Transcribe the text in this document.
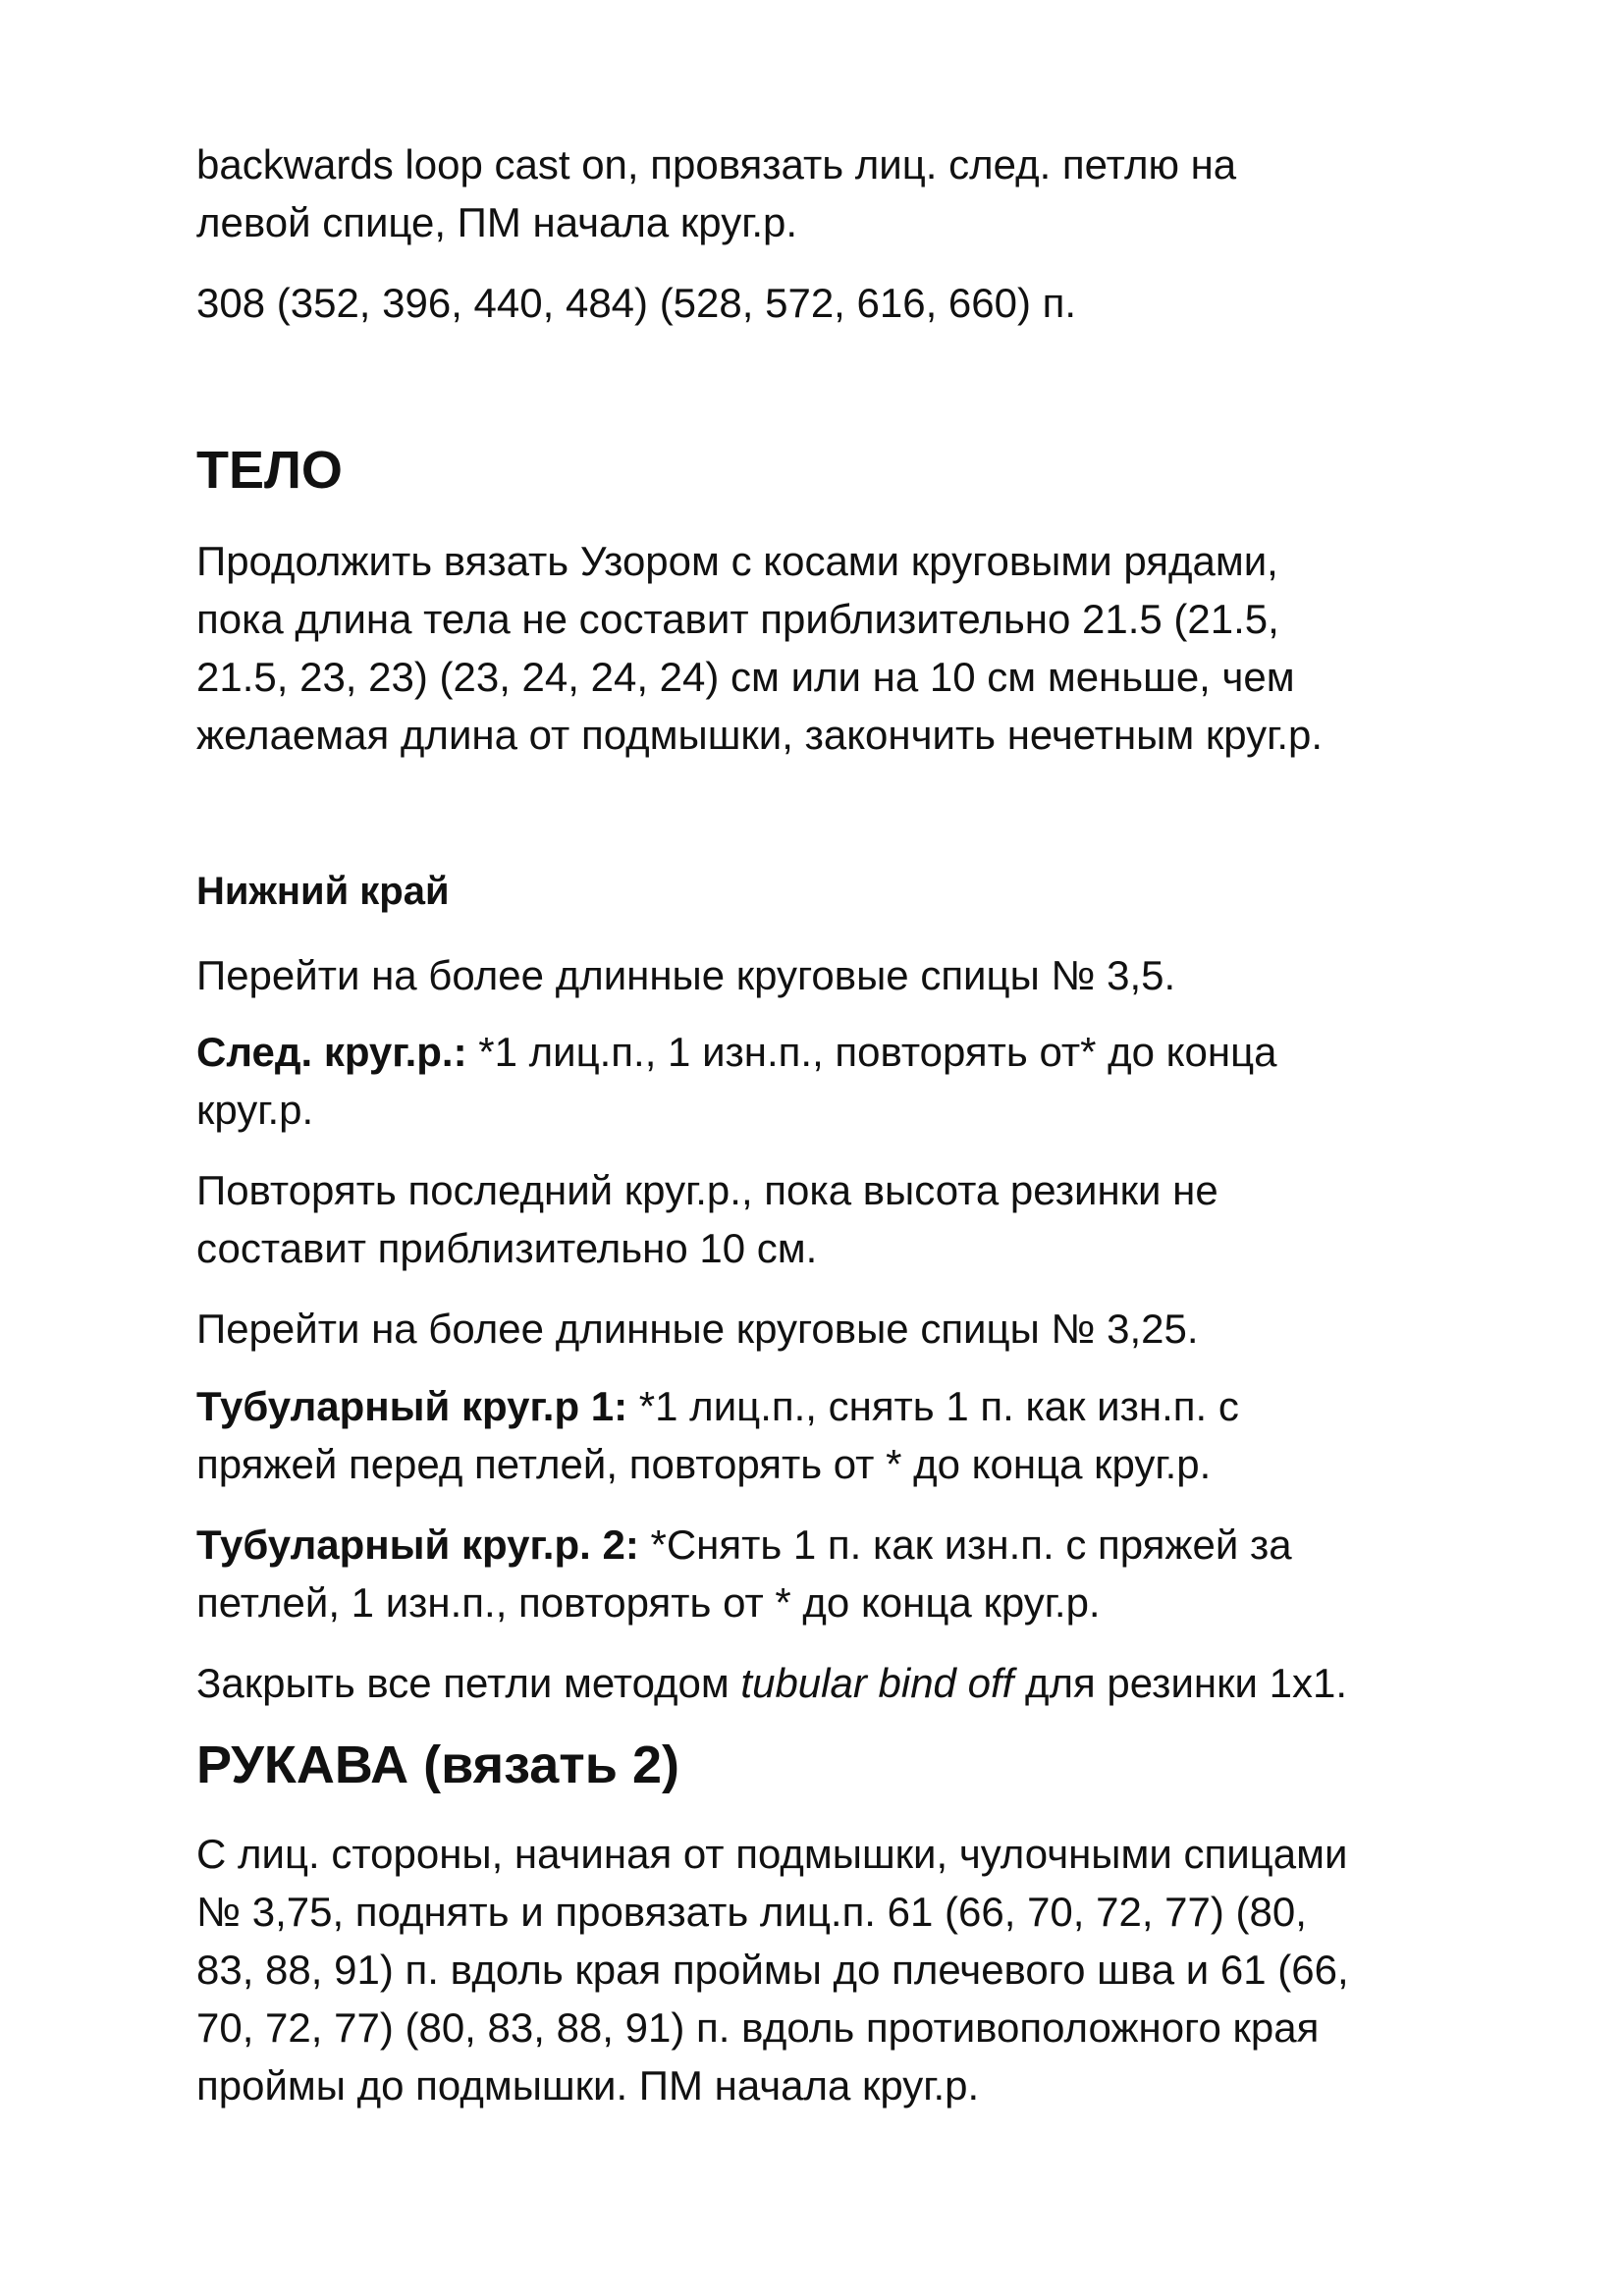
backwards loop cast on, провязать лиц. след. петлю на
левой спице, ПМ начала круг.р.

308 (352, 396, 440, 484) (528, 572, 616, 660) п.

ТЕЛО

Продолжить вязать Узором с косами круговыми рядами,
пока длина тела не составит приблизительно 21.5 (21.5,
21.5, 23, 23) (23, 24, 24, 24) см или на 10 см меньше, чем
желаемая длина от подмышки, закончить нечетным круг.р.

Нижний край

Перейти на более длинные круговые спицы № 3,5.

След. круг.р.: *1 лиц.п., 1 изн.п., повторять от* до конца
круг.р.

Повторять последний круг.р., пока высота резинки не
составит приблизительно 10 см.

Перейти на более длинные круговые спицы № 3,25.

Тубуларный круг.р 1: *1 лиц.п., снять 1 п. как изн.п. с
пряжей перед петлей, повторять от * до конца круг.р.

Тубуларный круг.р. 2: *Снять 1 п. как изн.п. с пряжей за
петлей, 1 изн.п., повторять от * до конца круг.р.

Закрыть все петли методом tubular bind off для резинки 1х1.

РУКАВА (вязать 2)

С лиц. стороны, начиная от подмышки, чулочными спицами
№ 3,75, поднять и провязать лиц.п. 61 (66, 70, 72, 77) (80,
83, 88, 91) п. вдоль края проймы до плечевого шва и 61 (66,
70, 72, 77) (80, 83, 88, 91) п. вдоль противоположного края
проймы до подмышки. ПМ начала круг.р.
